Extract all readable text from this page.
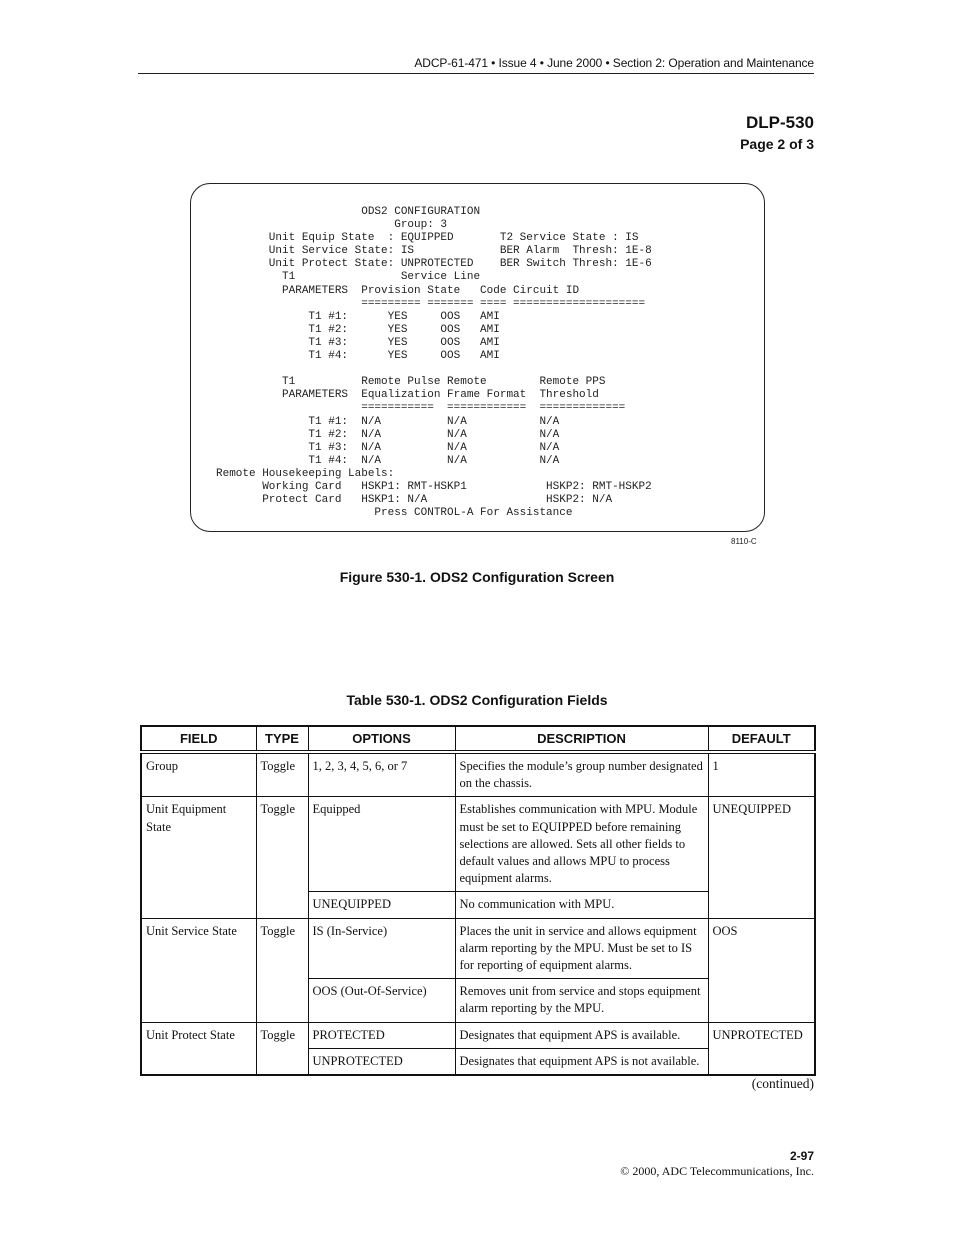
ADCP-61-471 • Issue 4 • June 2000 • Section 2: Operation and Maintenance
DLP-530
Page 2 of 3
ODS2 CONFIGURATION
Group: 3
Unit Equip State  : EQUIPPED       T2 Service State : IS
Unit Service State: IS             BER Alarm  Thresh: 1E-8
Unit Protect State: UNPROTECTED    BER Switch Thresh: 1E-6
T1                Service Line
PARAMETERS  Provision State   Code Circuit ID
========= ======= ==== ====================
T1 #1:      YES     OOS   AMI
T1 #2:      YES     OOS   AMI
T1 #3:      YES     OOS   AMI
T1 #4:      YES     OOS   AMI

T1          Remote Pulse Remote        Remote PPS
PARAMETERS  Equalization Frame Format  Threshold
===========  ============  =============
T1 #1:  N/A          N/A           N/A
T1 #2:  N/A          N/A           N/A
T1 #3:  N/A          N/A           N/A
T1 #4:  N/A          N/A           N/A
Remote Housekeeping Labels:
Working Card   HSKP1: RMT-HSKP1            HSKP2: RMT-HSKP2
Protect Card   HSKP1: N/A                  HSKP2: N/A
Press CONTROL-A For Assistance
8110-C
Figure 530-1. ODS2 Configuration Screen
Table 530-1. ODS2 Configuration Fields
FIELD	TYPE	OPTIONS	DESCRIPTION	DEFAULT
Group	Toggle	1, 2, 3, 4, 5, 6, or 7	Specifies the module’s group number designated on the chassis.	1
Unit Equipment State	Toggle	Equipped	Establishes communication with MPU. Module must be set to EQUIPPED before remaining selections are allowed. Sets all other fields to default values and allows MPU to process equipment alarms.	UNEQUIPPED
		UNEQUIPPED	No communication with MPU.	
Unit Service State	Toggle	IS (In-Service)	Places the unit in service and allows equipment alarm reporting by the MPU. Must be set to IS for reporting of equipment alarms.	OOS
		OOS (Out-Of-Service)	Removes unit from service and stops equipment alarm reporting by the MPU.	
Unit Protect State	Toggle	PROTECTED	Designates that equipment APS is available.	UNPROTECTED
		UNPROTECTED	Designates that equipment APS is not available.	
(continued)
2-97
© 2000, ADC Telecommunications, Inc.
